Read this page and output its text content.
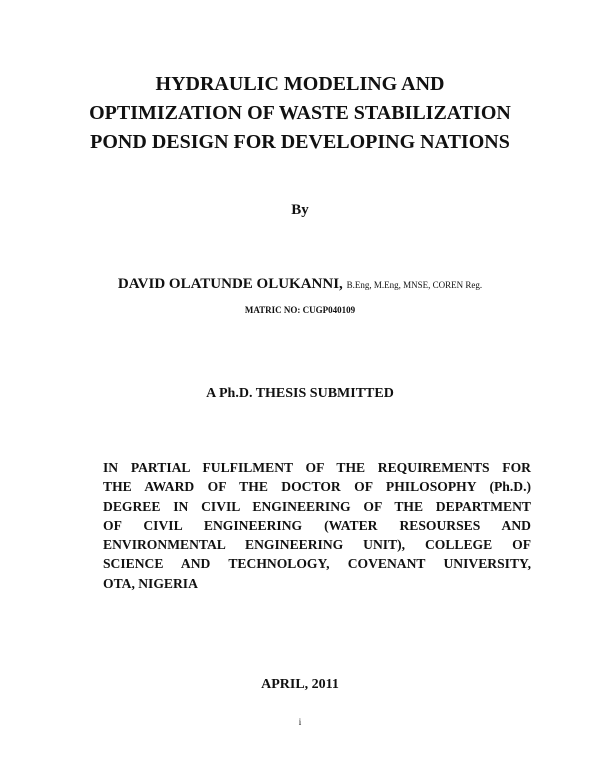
HYDRAULIC MODELING AND
OPTIMIZATION OF WASTE STABILIZATION
POND DESIGN FOR DEVELOPING NATIONS
By
DAVID OLATUNDE OLUKANNI, B.Eng, M.Eng, MNSE, COREN Reg.
MATRIC NO: CUGP040109
A Ph.D. THESIS SUBMITTED
IN PARTIAL FULFILMENT OF THE REQUIREMENTS FOR
THE AWARD OF THE DOCTOR OF PHILOSOPHY (Ph.D.)
DEGREE IN CIVIL ENGINEERING OF THE DEPARTMENT
OF CIVIL ENGINEERING (WATER RESOURSES AND
ENVIRONMENTAL ENGINEERING UNIT), COLLEGE OF
SCIENCE AND TECHNOLOGY, COVENANT UNIVERSITY,
OTA, NIGERIA
APRIL, 2011
i
